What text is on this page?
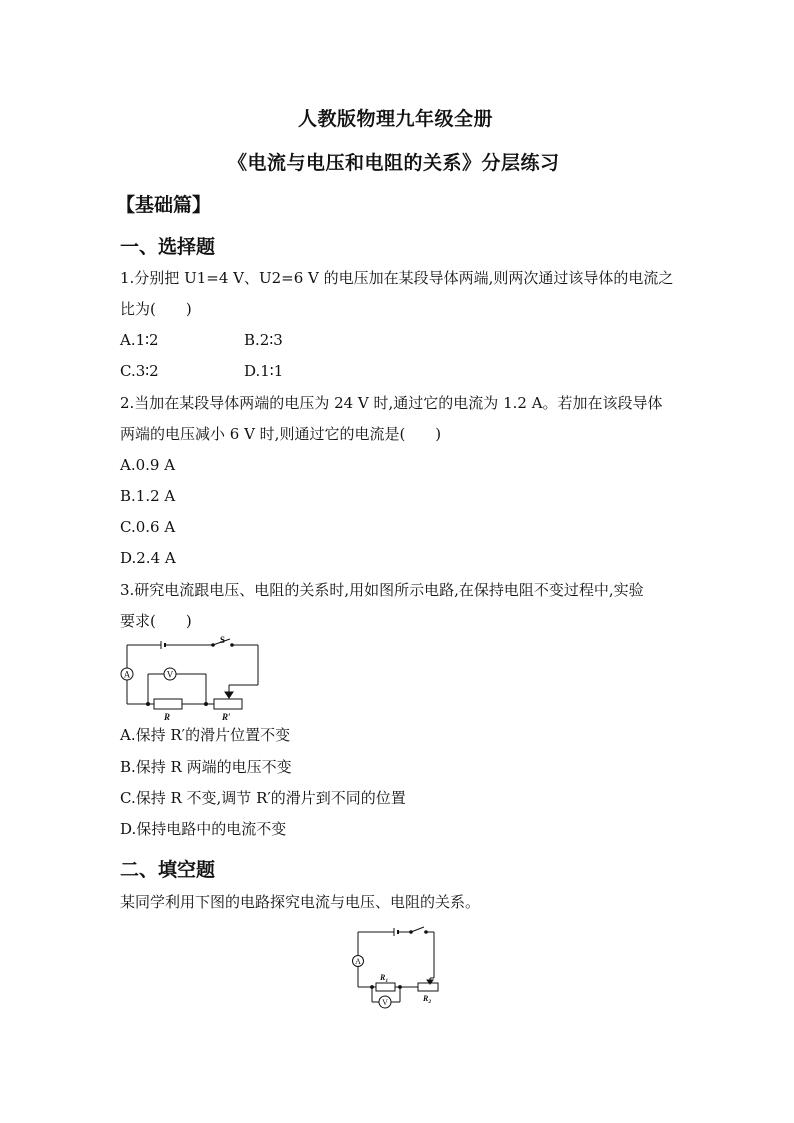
人教版物理九年级全册
《电流与电压和电阻的关系》分层练习
【基础篇】
一、选择题
1.分别把 U1=4 V、U2=6 V 的电压加在某段导体两端,则两次通过该导体的电流之
比为(　　)
A.1∶2	B.2∶3
C.3∶2	D.1∶1
2.当加在某段导体两端的电压为 24 V 时,通过它的电流为 1.2 A。若加在该段导体
两端的电压减小 6 V 时,则通过它的电流是(　　)
A.0.9 A
B.1.2 A
C.0.6 A
D.2.4 A
3.研究电流跟电压、电阻的关系时,用如图所示电路,在保持电阻不变过程中,实验
要求(　　)
A	V
S
R	R′
A.保持 R′的滑片位置不变
B.保持 R 两端的电压不变
C.保持 R 不变,调节 R′的滑片到不同的位置
D.保持电路中的电流不变
二、填空题
某同学利用下图的电路探究电流与电压、电阻的关系。
A
V
$R_1$
$R_2$
